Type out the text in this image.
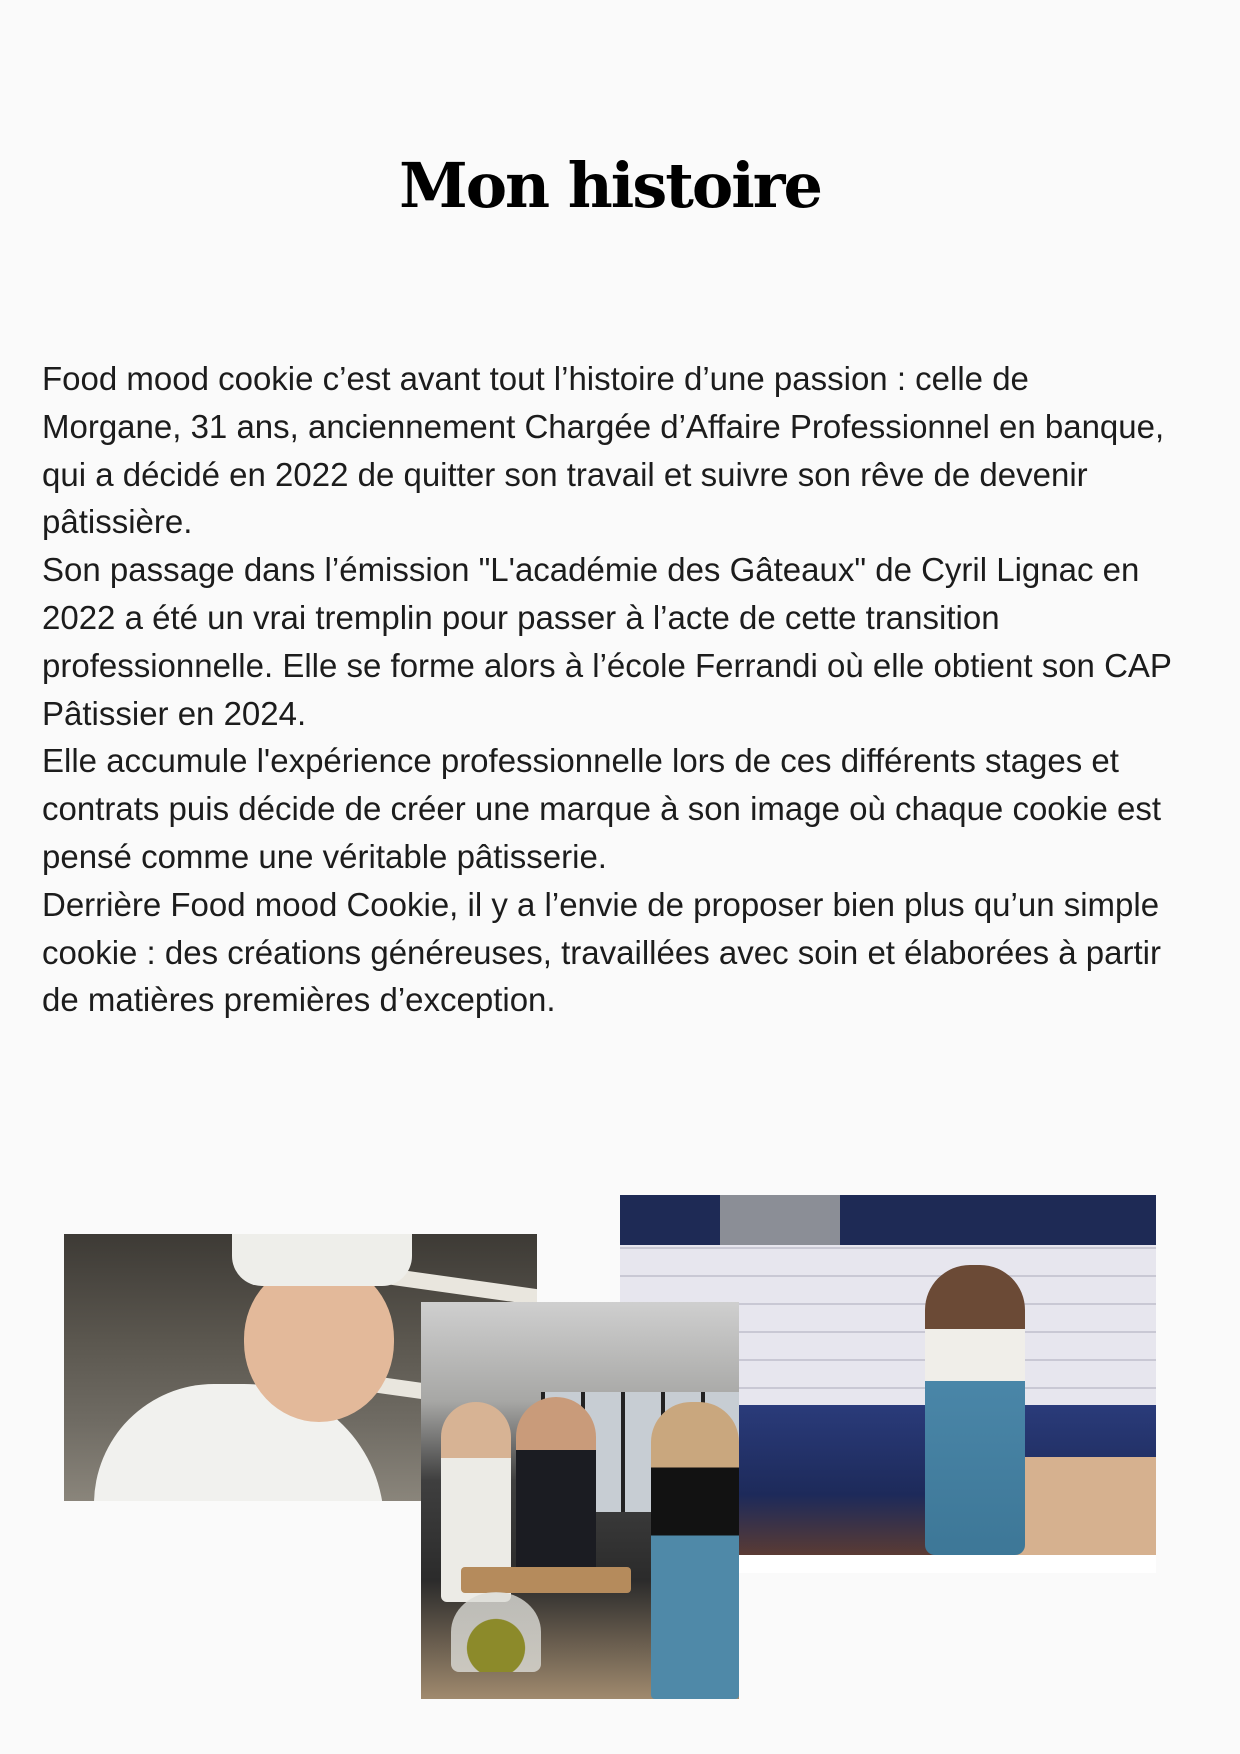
Mon histoire

Food mood cookie c’est avant tout l’histoire d’une passion : celle de Morgane, 31 ans, anciennement Chargée d’Affaire Professionnel en banque, qui a décidé en 2022 de quitter son travail et suivre son rêve de devenir pâtissière.

Son passage dans l’émission "L'académie des Gâteaux" de Cyril Lignac en 2022 a été un vrai tremplin pour passer à l’acte de cette transition professionnelle. Elle se forme alors à l’école Ferrandi où elle obtient son CAP Pâtissier en 2024.

Elle accumule l'expérience professionnelle lors de ces différents stages et contrats puis décide de créer une marque à son image où chaque cookie est pensé comme une véritable pâtisserie.

Derrière Food mood Cookie, il y a l’envie de proposer bien plus qu’un simple cookie : des créations généreuses, travaillées avec soin et élaborées à partir de matières premières d’exception.
